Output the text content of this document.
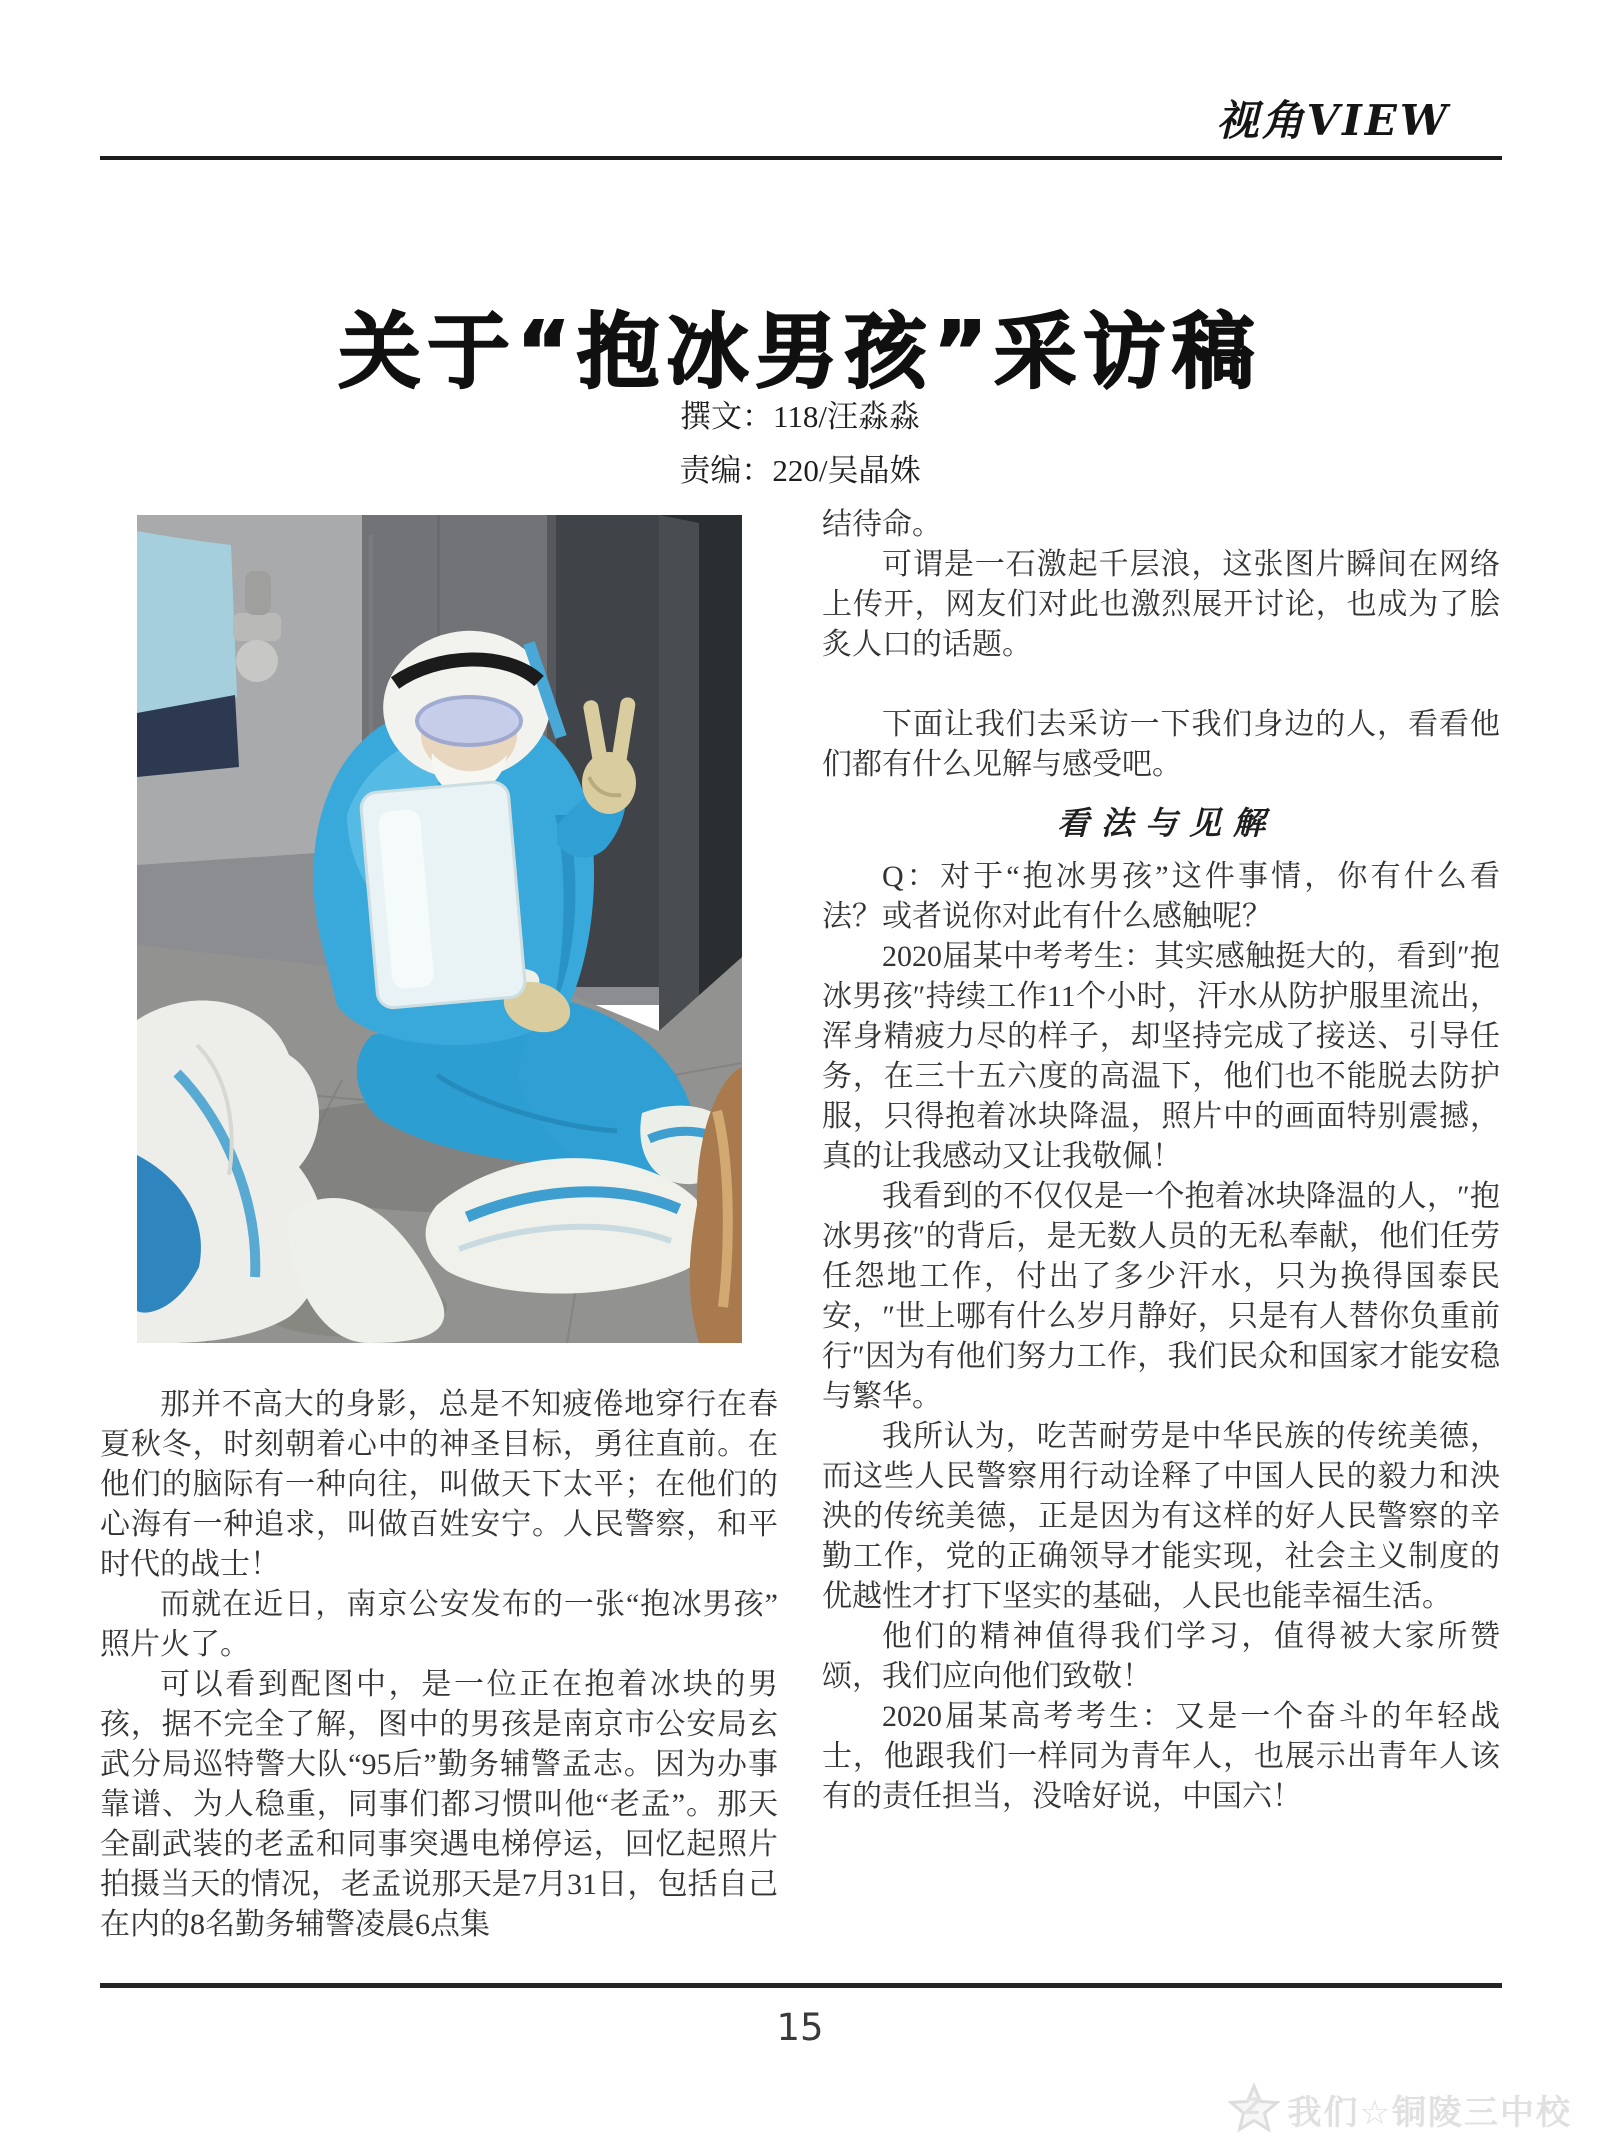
视角VIEW
关于“抱冰男孩”采访稿
撰文：118/汪淼淼
责编：220/吴晶姝

那并不高大的身影，总是不知疲倦地穿行在春夏秋冬，时刻朝着心中的神圣目标，勇往直前。在他们的脑际有一种向往，叫做天下太平；在他们的心海有一种追求，叫做百姓安宁。人民警察，和平时代的战士！

而就在近日，南京公安发布的一张“抱冰男孩” 照片火了。

可以看到配图中，是一位正在抱着冰块的男孩，据不完全了解，图中的男孩是南京市公安局玄武分局巡特警大队“95后”勤务辅警孟志。因为办事靠谱、为人稳重，同事们都习惯叫他“老孟”。那天全副武装的老孟和同事突遇电梯停运，回忆起照片拍摄当天的情况，老孟说那天是7月31日，包括自己在内的8名勤务辅警凌晨6点集

结待命。

可谓是一石激起千层浪，这张图片瞬间在网络上传开，网友们对此也激烈展开讨论，也成为了脍炙人口的话题。

下面让我们去采访一下我们身边的人，看看他们都有什么见解与感受吧。

看法与见解

Q：对于“抱冰男孩”这件事情，你有什么看法？或者说你对此有什么感触呢？

2020届某中考考生：其实感触挺大的，看到″抱冰男孩″持续工作11个小时，汗水从防护服里流出，浑身精疲力尽的样子，却坚持完成了接送、引导任务，在三十五六度的高温下，他们也不能脱去防护服，只得抱着冰块降温，照片中的画面特别震撼，真的让我感动又让我敬佩！

我看到的不仅仅是一个抱着冰块降温的人，″抱冰男孩″的背后，是无数人员的无私奉献，他们任劳任怨地工作，付出了多少汗水，只为换得国泰民安，″世上哪有什么岁月静好，只是有人替你负重前行″因为有他们努力工作，我们民众和国家才能安稳与繁华。

我所认为，吃苦耐劳是中华民族的传统美德，而这些人民警察用行动诠释了中国人民的毅力和泱泱的传统美德，正是因为有这样的好人民警察的辛勤工作，党的正确领导才能实现，社会主义制度的优越性才打下坚实的基础，人民也能幸福生活。

他们的精神值得我们学习，值得被大家所赞颂，我们应向他们致敬！

2020届某高考考生：又是一个奋斗的年轻战士，他跟我们一样同为青年人，也展示出青年人该有的责任担当，没啥好说，中国六！

15
Z 我们☆铜陵三中校
